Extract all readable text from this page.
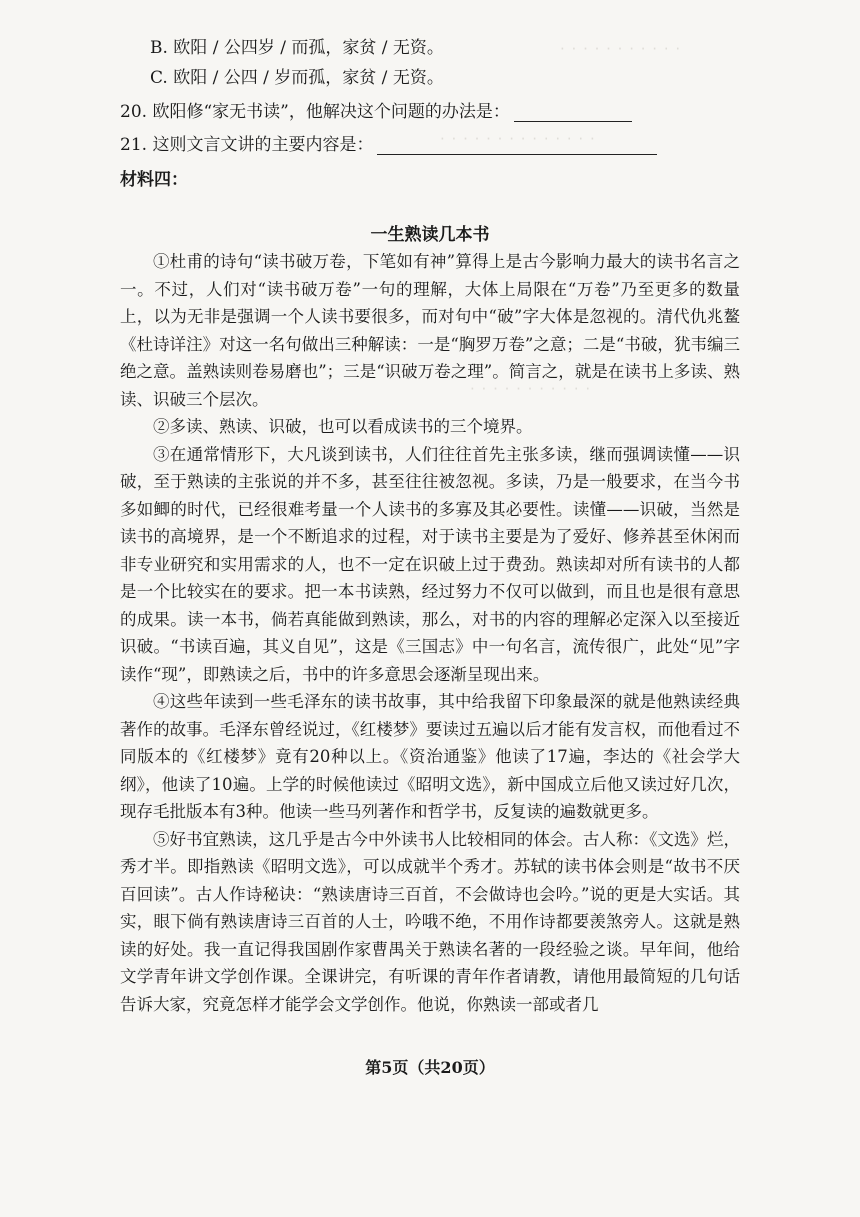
· · · · · · · · · · ·
· · · · · · · · · · · · · ·
· · · · · · · · · · ·
B. 欧阳 / 公四岁 / 而孤，家贫 / 无资。
C. 欧阳 / 公四 / 岁而孤，家贫 / 无资。
20. 欧阳修“家无书读”，他解决这个问题的办法是：
21. 这则文言文讲的主要内容是：
材料四：
一生熟读几本书

①杜甫的诗句“读书破万卷，下笔如有神”算得上是古今影响力最大的读书名言之一。不过，人们对“读书破万卷”一句的理解，大体上局限在“万卷”乃至更多的数量上，以为无非是强调一个人读书要很多，而对句中“破”字大体是忽视的。清代仇兆鳌《杜诗详注》对这一名句做出三种解读：一是“胸罗万卷”之意；二是“书破，犹韦编三绝之意。盖熟读则卷易磨也”；三是“识破万卷之理”。简言之，就是在读书上多读、熟读、识破三个层次。

②多读、熟读、识破，也可以看成读书的三个境界。

③在通常情形下，大凡谈到读书，人们往往首先主张多读，继而强调读懂——识破，至于熟读的主张说的并不多，甚至往往被忽视。多读，乃是一般要求，在当今书多如鲫的时代，已经很难考量一个人读书的多寡及其必要性。读懂——识破，当然是读书的高境界，是一个不断追求的过程，对于读书主要是为了爱好、修养甚至休闲而非专业研究和实用需求的人，也不一定在识破上过于费劲。熟读却对所有读书的人都是一个比较实在的要求。把一本书读熟，经过努力不仅可以做到，而且也是很有意思的成果。读一本书，倘若真能做到熟读，那么，对书的内容的理解必定深入以至接近识破。“书读百遍，其义自见”，这是《三国志》中一句名言，流传很广，此处“见”字读作“现”，即熟读之后，书中的许多意思会逐渐呈现出来。

④这些年读到一些毛泽东的读书故事，其中给我留下印象最深的就是他熟读经典著作的故事。毛泽东曾经说过，《红楼梦》要读过五遍以后才能有发言权，而他看过不同版本的《红楼梦》竟有20种以上。《资治通鉴》他读了17遍，李达的《社会学大纲》，他读了10遍。上学的时候他读过《昭明文选》，新中国成立后他又读过好几次，现存毛批版本有3种。他读一些马列著作和哲学书，反复读的遍数就更多。

⑤好书宜熟读，这几乎是古今中外读书人比较相同的体会。古人称：《文选》烂，秀才半。即指熟读《昭明文选》，可以成就半个秀才。苏轼的读书体会则是“故书不厌百回读”。古人作诗秘诀：“熟读唐诗三百首，不会做诗也会吟。”说的更是大实话。其实，眼下倘有熟读唐诗三百首的人士，吟哦不绝，不用作诗都要羡煞旁人。这就是熟读的好处。我一直记得我国剧作家曹禺关于熟读名著的一段经验之谈。早年间，他给文学青年讲文学创作课。全课讲完，有听课的青年作者请教，请他用最简短的几句话告诉大家，究竟怎样才能学会文学创作。他说，你熟读一部或者几

第5页（共20页）
